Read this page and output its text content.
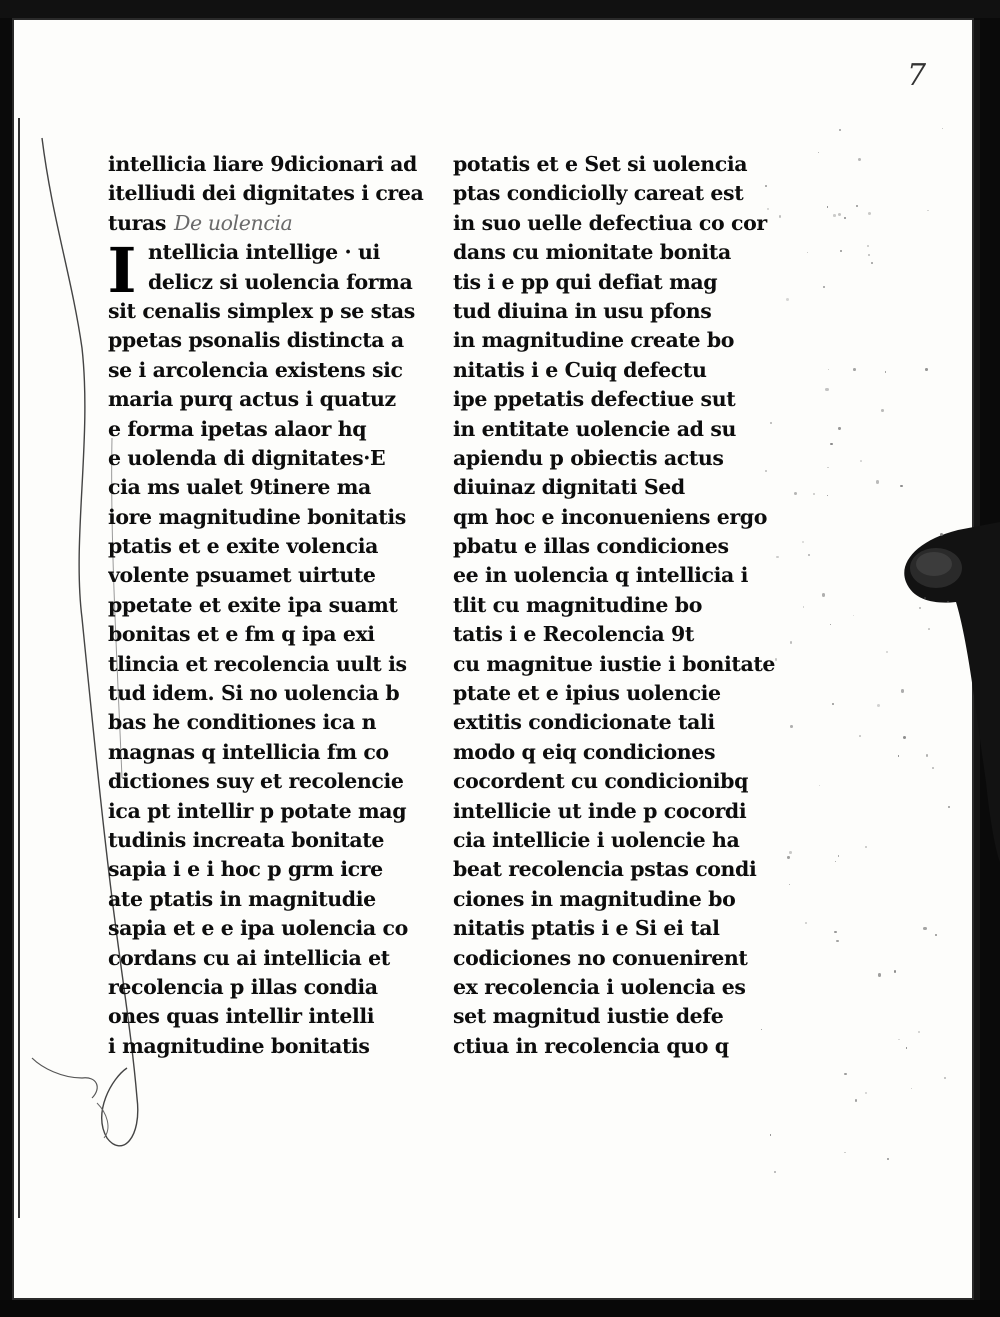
7
I
intellicia liare 9dicionari ad
itelliudi dei dignitates i crea
turas De uolencia
ntellicia intellige · ui
delicz si uolencia forma
sit cenalis simplex p se stas
ppetas psonalis distincta a
se i arcolencia existens sic
maria purq actus i quatuz
e forma ipetas alaor hq
e uolenda di dignitates·E
cia ms ualet 9tinere ma
iore magnitudine bonitatis
ptatis et e exite volencia
volente psuamet uirtute
ppetate et exite ipa suamt
bonitas et e fm q ipa exi
tlincia et recolencia uult is
tud idem. Si no uolencia b
bas he conditiones ica n
magnas q intellicia fm co
dictiones suy et recolencie
ica pt intellir p potate mag
tudinis increata bonitate
sapia i e i hoc p grm icre
ate ptatis in magnitudie
sapia et e e ipa uolencia co
cordans cu ai intellicia et
recolencia p illas condia
ones quas intellir intelli
i magnitudine bonitatis
potatis et e Set si uolencia
ptas condiciolly careat est
in suo uelle defectiua co cor
dans cu mionitate bonita
tis i e pp qui defiat mag
tud diuina in usu pfons
in magnitudine create bo
nitatis i e Cuiq defectu
ipe ppetatis defectiue sut
in entitate uolencie ad su
apiendu p obiectis actus
diuinaz dignitati Sed
qm hoc e inconueniens ergo
pbatu e illas condiciones
ee in uolencia q intellicia i
tlit cu magnitudine bo
tatis i e Recolencia 9t
cu magnitue iustie i bonitate
ptate et e ipius uolencie
extitis condicionate tali
modo q eiq condiciones
cocordent cu condicionibq
intellicie ut inde p cocordi
cia intellicie i uolencie ha
beat recolencia pstas condi
ciones in magnitudine bo
nitatis ptatis i e Si ei tal
codiciones no conuenirent
ex recolencia i uolencia es
set magnitud iustie defe
ctiua in recolencia quo q
